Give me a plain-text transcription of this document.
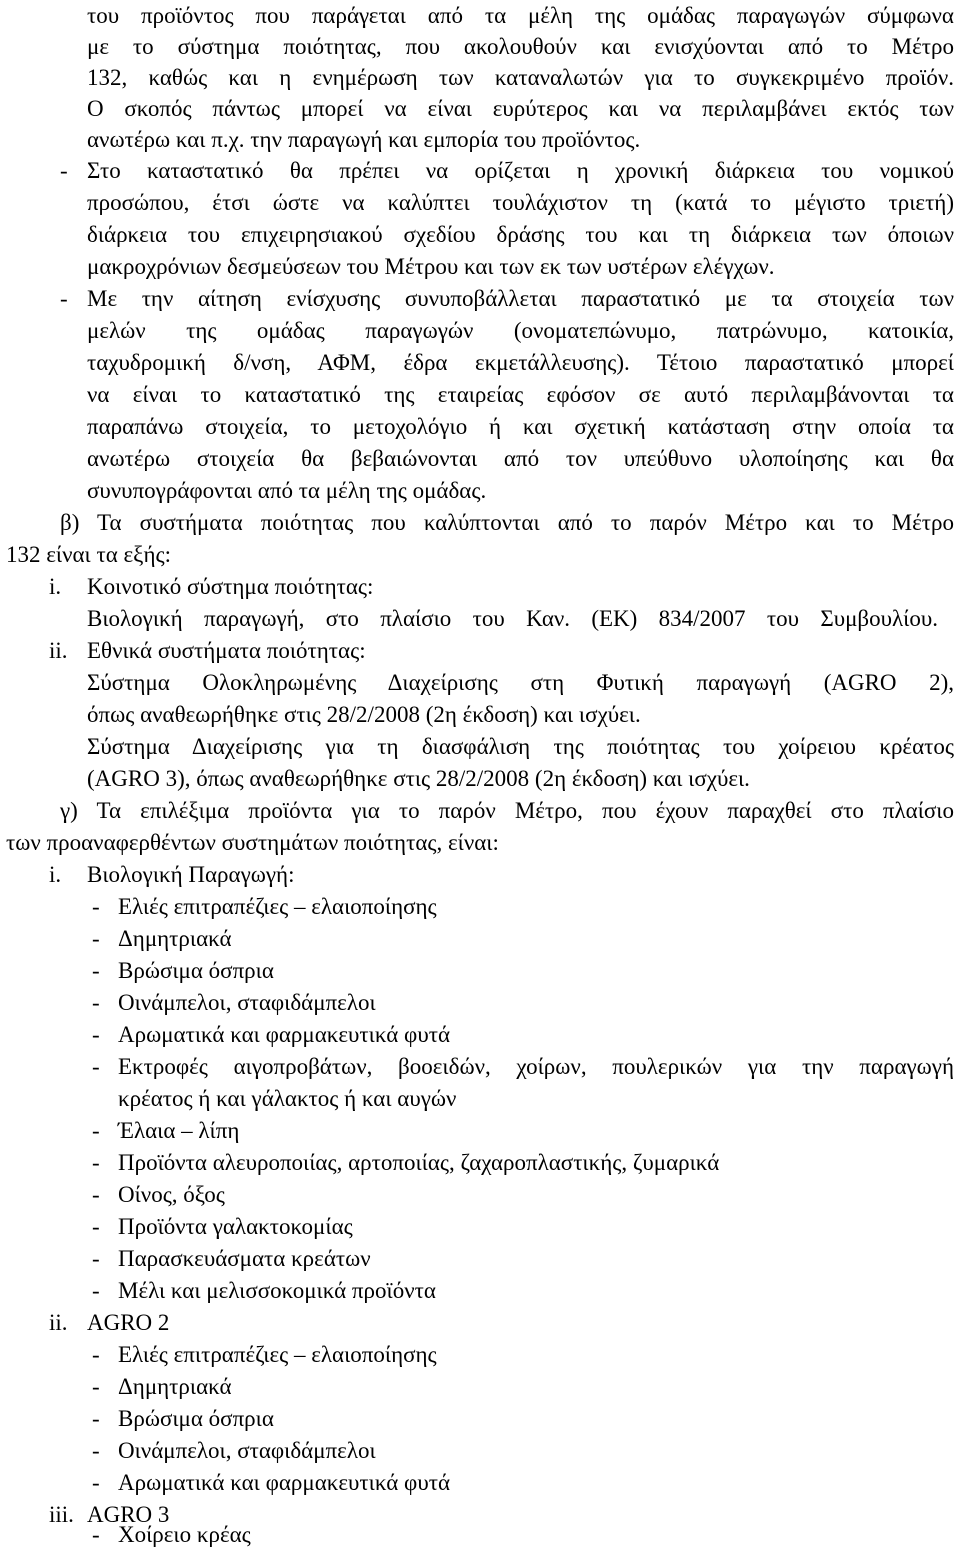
του προϊόντος που παράγεται από τα μέλη της ομάδας παραγωγών σύμφωνα
με το σύστημα ποιότητας, που ακολουθούν και ενισχύονται από το Μέτρο
132, καθώς και η ενημέρωση των καταναλωτών για το συγκεκριμένο προϊόν.
Ο σκοπός πάντως μπορεί να είναι ευρύτερος και να περιλαμβάνει εκτός των
ανωτέρω και π.χ. την παραγωγή και εμπορία του προϊόντος.
- Στο καταστατικό θα πρέπει να ορίζεται η χρονική διάρκεια του νομικού
προσώπου, έτσι ώστε να καλύπτει τουλάχιστον τη (κατά το μέγιστο τριετή)
διάρκεια του επιχειρησιακού σχεδίου δράσης του και τη διάρκεια των όποιων
μακροχρόνιων δεσμεύσεων του Μέτρου και των εκ των υστέρων ελέγχων.
- Με την αίτηση ενίσχυσης συνυποβάλλεται παραστατικό με τα στοιχεία των
μελών της ομάδας παραγωγών (ονοματεπώνυμο, πατρώνυμο, κατοικία,
ταχυδρομική δ/νση, ΑΦΜ, έδρα εκμετάλλευσης). Τέτοιο παραστατικό μπορεί
να είναι το καταστατικό της εταιρείας εφόσον σε αυτό περιλαμβάνονται τα
παραπάνω στοιχεία, το μετοχολόγιο ή και σχετική κατάσταση στην οποία τα
ανωτέρω στοιχεία θα βεβαιώνονται από τον υπεύθυνο υλοποίησης και θα
συνυπογράφονται από τα μέλη της ομάδας.
β) Τα συστήματα ποιότητας που καλύπτονται από το παρόν Μέτρο και το Μέτρο
132 είναι τα εξής:
i. Κοινοτικό σύστημα ποιότητας:
Βιολογική παραγωγή, στο πλαίσιο του Καν. (ΕΚ) 834/2007 του Συμβουλίου.
ii. Εθνικά συστήματα ποιότητας:
Σύστημα Ολοκληρωμένης Διαχείρισης στη Φυτική παραγωγή (AGRO 2),
όπως αναθεωρήθηκε στις 28/2/2008 (2η έκδοση) και ισχύει.
Σύστημα Διαχείρισης για τη διασφάλιση της ποιότητας του χοίρειου κρέατος
(AGRO 3), όπως αναθεωρήθηκε στις 28/2/2008 (2η έκδοση) και ισχύει.
γ) Τα επιλέξιμα προϊόντα για το παρόν Μέτρο, που έχουν παραχθεί στο πλαίσιο
των προαναφερθέντων συστημάτων ποιότητας, είναι:
i. Βιολογική Παραγωγή:
- Ελιές επιτραπέζιες – ελαιοποίησης
- Δημητριακά
- Βρώσιμα όσπρια
- Οινάμπελοι, σταφιδάμπελοι
- Αρωματικά και φαρμακευτικά φυτά
- Εκτροφές αιγοπροβάτων, βοοειδών, χοίρων, πουλερικών για την παραγωγή
κρέατος ή και γάλακτος ή και αυγών
- Έλαια – λίπη
- Προϊόντα αλευροποιίας, αρτοποιίας, ζαχαροπλαστικής, ζυμαρικά
- Οίνος, όξος
- Προϊόντα γαλακτοκομίας
- Παρασκευάσματα κρεάτων
- Μέλι και μελισσοκομικά προϊόντα
ii. AGRO 2
- Ελιές επιτραπέζιες – ελαιοποίησης
- Δημητριακά
- Βρώσιμα όσπρια
- Οινάμπελοι, σταφιδάμπελοι
- Αρωματικά και φαρμακευτικά φυτά
iii. AGRO 3
- Χοίρειο κρέας
